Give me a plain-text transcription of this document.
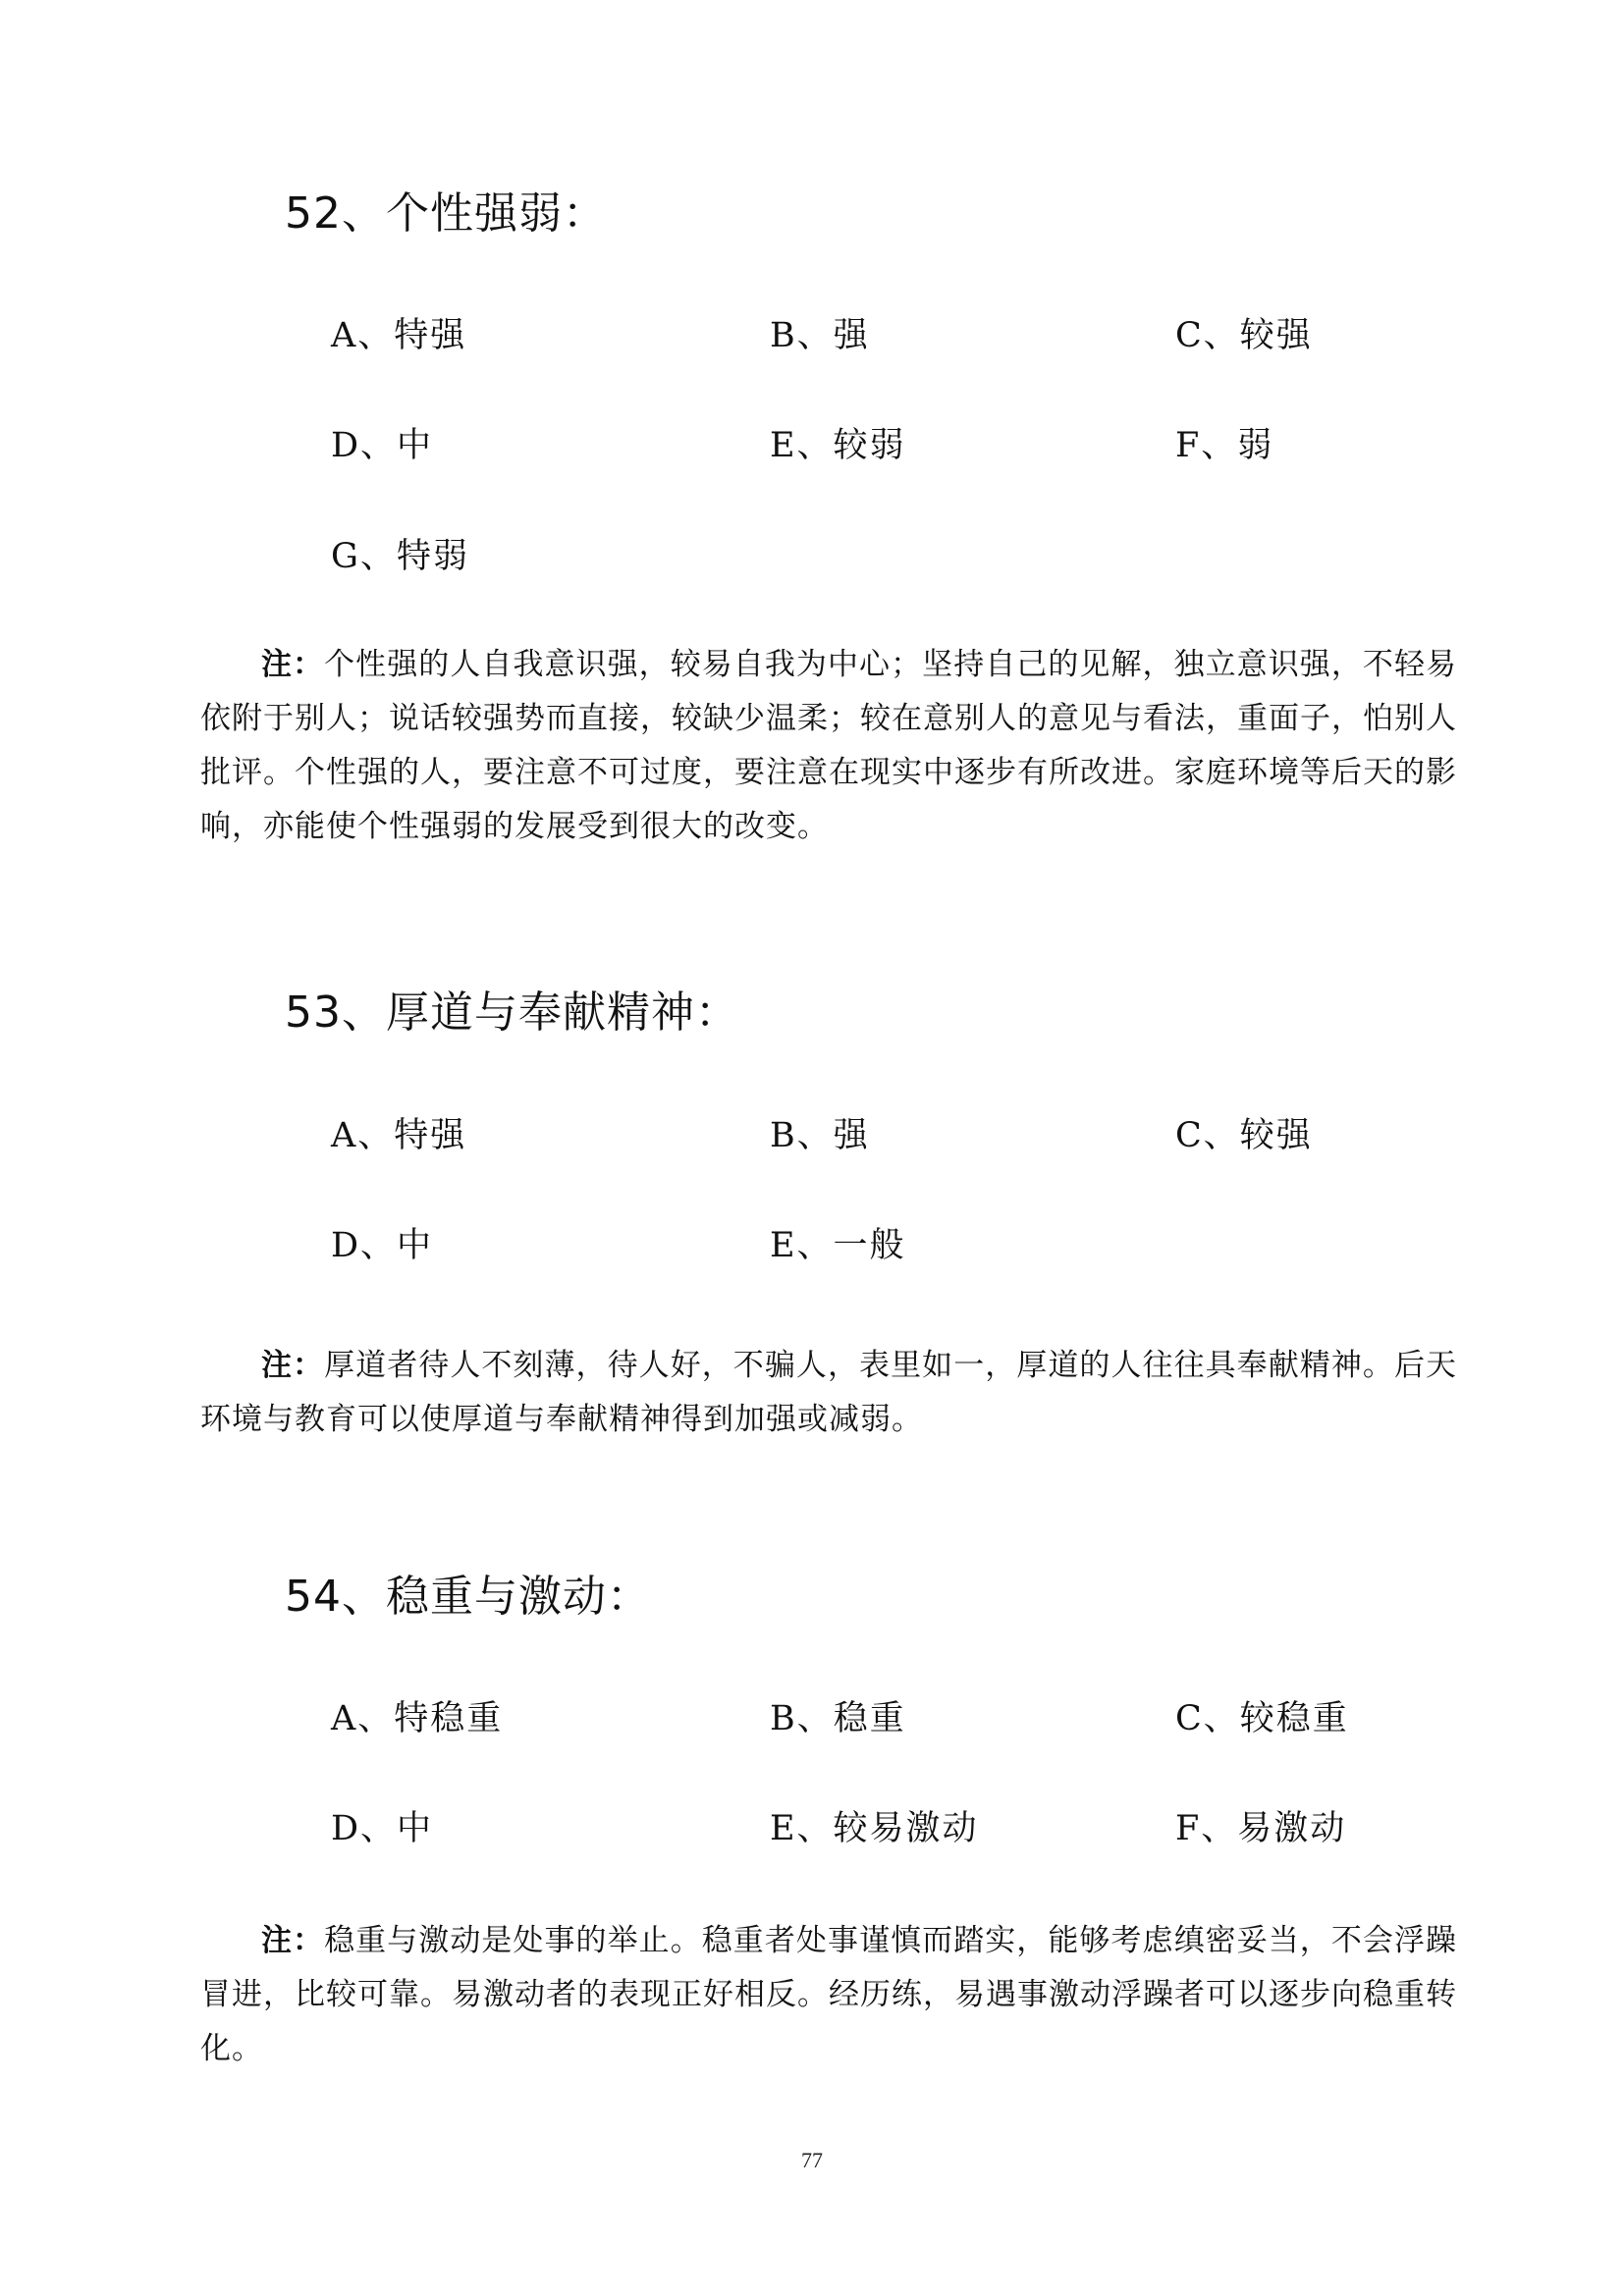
52、个性强弱：
A、特强	B、强	C、较强
D、中	E、较弱	F、弱
G、特弱

注：个性强的人自我意识强，较易自我为中心；坚持自己的见解，独立意识强，不轻易依附于别人；说话较强势而直接，较缺少温柔；较在意别人的意见与看法，重面子，怕别人批评。个性强的人，要注意不可过度，要注意在现实中逐步有所改进。家庭环境等后天的影响，亦能使个性强弱的发展受到很大的改变。

53、厚道与奉献精神：
A、特强	B、强	C、较强
D、中	E、一般

注：厚道者待人不刻薄，待人好，不骗人，表里如一，厚道的人往往具奉献精神。后天环境与教育可以使厚道与奉献精神得到加强或减弱。

54、稳重与激动：
A、特稳重	B、稳重	C、较稳重
D、中	E、较易激动	F、易激动

注：稳重与激动是处事的举止。稳重者处事谨慎而踏实，能够考虑缜密妥当，不会浮躁冒进，比较可靠。易激动者的表现正好相反。经历练，易遇事激动浮躁者可以逐步向稳重转化。

77
